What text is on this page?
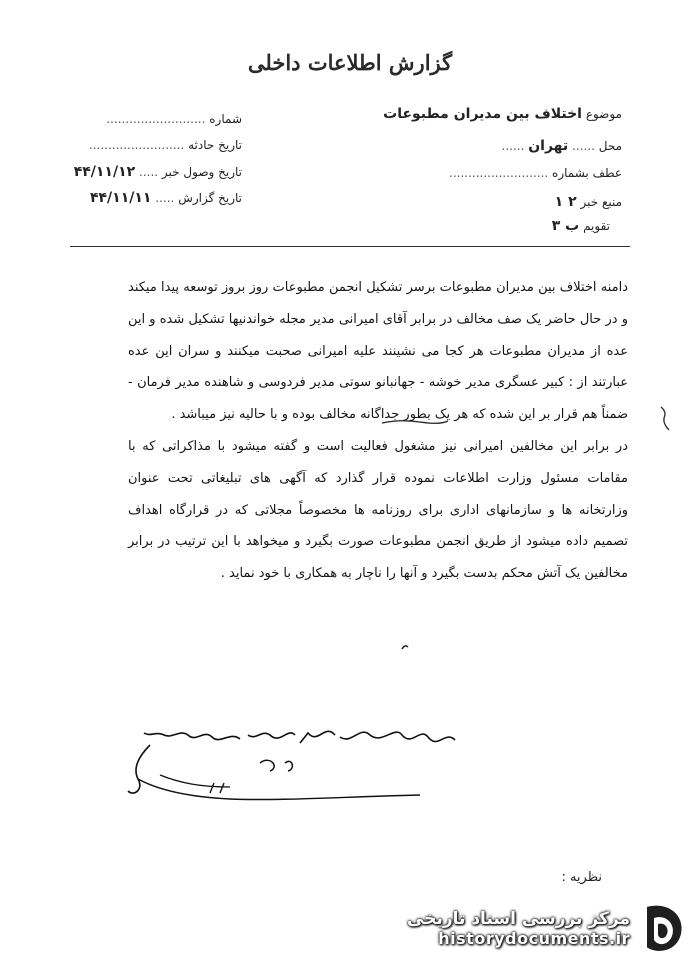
گزارش اطلاعات داخلی
شماره ..........................
تاریخ حادثه .........................
تاریخ وصول خبر ..... ۴۴/۱۱/۱۲
تاریخ گزارش ..... ۴۴/۱۱/۱۱
موضوع اختلاف بین مدیران مطبوعات
محل ...... تهران ......
عطف بشماره ..........................
منبع خبر ۲ ۱
تقویم ب ۳

دامنه اختلاف بین مدیران مطبوعات برسر تشکیل انجمن مطبوعات روز بروز توسعه پیدا میکند و در حال حاضر یک صف مخالف در برابر آقای امیرانی مدیر مجله خواندنیها تشکیل شده و این عده از مدیران مطبوعات هر کجا می نشینند علیه امیرانی صحبت میکنند و سران این عده عبارتند از : کبیر عسگری مدیر خوشه - جهانبانو سوتی مدیر فردوسی و شاهنده مدیر فرمان - ضمناً هم قرار بر این شده که هر یک بطور جداگانه مخالف بوده و با حالیه نیز میباشد .

در برابر این مخالفین امیرانی نیز مشغول فعالیت است و گفته میشود با مذاکراتی که با مقامات مسئول وزارت اطلاعات نموده قرار گذارد که آگهی های تبلیغاتی تحت عنوان وزارتخانه ها و سازمانهای اداری برای روزنامه ها مخصوصاً مجلاتی که در قرارگاه اهداف تصمیم داده میشود از طریق انجمن مطبوعات صورت بگیرد و میخواهد با این ترتیب در برابر مخالفین یک آتش محکم بدست بگیرد و آنها را ناچار به همکاری با خود نماید .

نظریه :
مرکز بررسی اسناد تاریخی
historydocuments.ir
